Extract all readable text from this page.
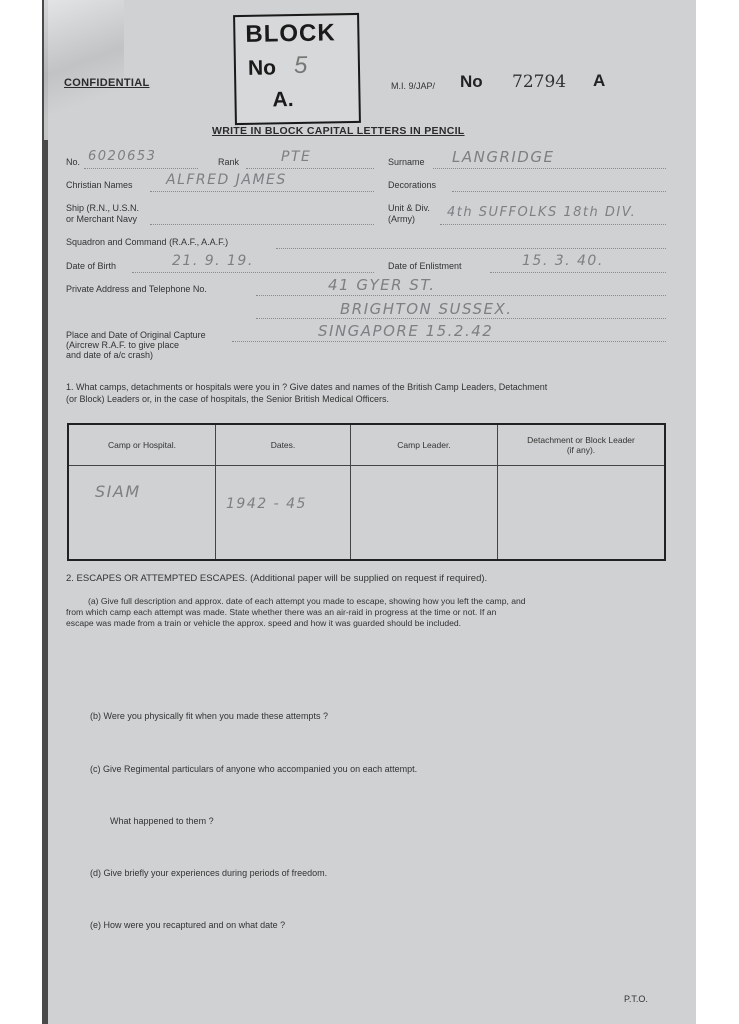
CONFIDENTIAL
BLOCK
No 5
A.
M.I. 9/JAP/ No 72794 A
WRITE IN BLOCK CAPITAL LETTERS IN PENCIL
No. 6020653	Rank	PTE	Surname LANGRIDGE
Christian Names ALFRED JAMES	Decorations
Ship (R.N., U.S.N.
or Merchant Navy
Unit & Div.
(Army)	4th SUFFOLKS 18th DIV.
Squadron and Command (R.A.F., A.A.F.)
Date of Birth	21. 9. 19.	Date of Enlistment	15. 3. 40.
Private Address and Telephone No.	41 GYER ST.
BRIGHTON SUSSEX.
Place and Date of Original Capture
(Aircrew R.A.F. to give place
and date of a/c crash)
SINGAPORE 15.2.42
1. What camps, detachments or hospitals were you in ? Give dates and names of the British Camp Leaders, Detachment
(or Block) Leaders or, in the case of hospitals, the Senior British Medical Officers.
Camp or Hospital.	Dates.	Camp Leader.	Detachment or Block Leader (if any).
SIAM	1942 - 45		
2. ESCAPES OR ATTEMPTED ESCAPES. (Additional paper will be supplied on request if required).
(a) Give full description and approx. date of each attempt you made to escape, showing how you left the camp, and
from which camp each attempt was made. State whether there was an air-raid in progress at the time or not. If an
escape was made from a train or vehicle the approx. speed and how it was guarded should be included.
(b) Were you physically fit when you made these attempts ?
(c) Give Regimental particulars of anyone who accompanied you on each attempt.
What happened to them ?
(d) Give briefly your experiences during periods of freedom.
(e) How were you recaptured and on what date ?
P.T.O.
